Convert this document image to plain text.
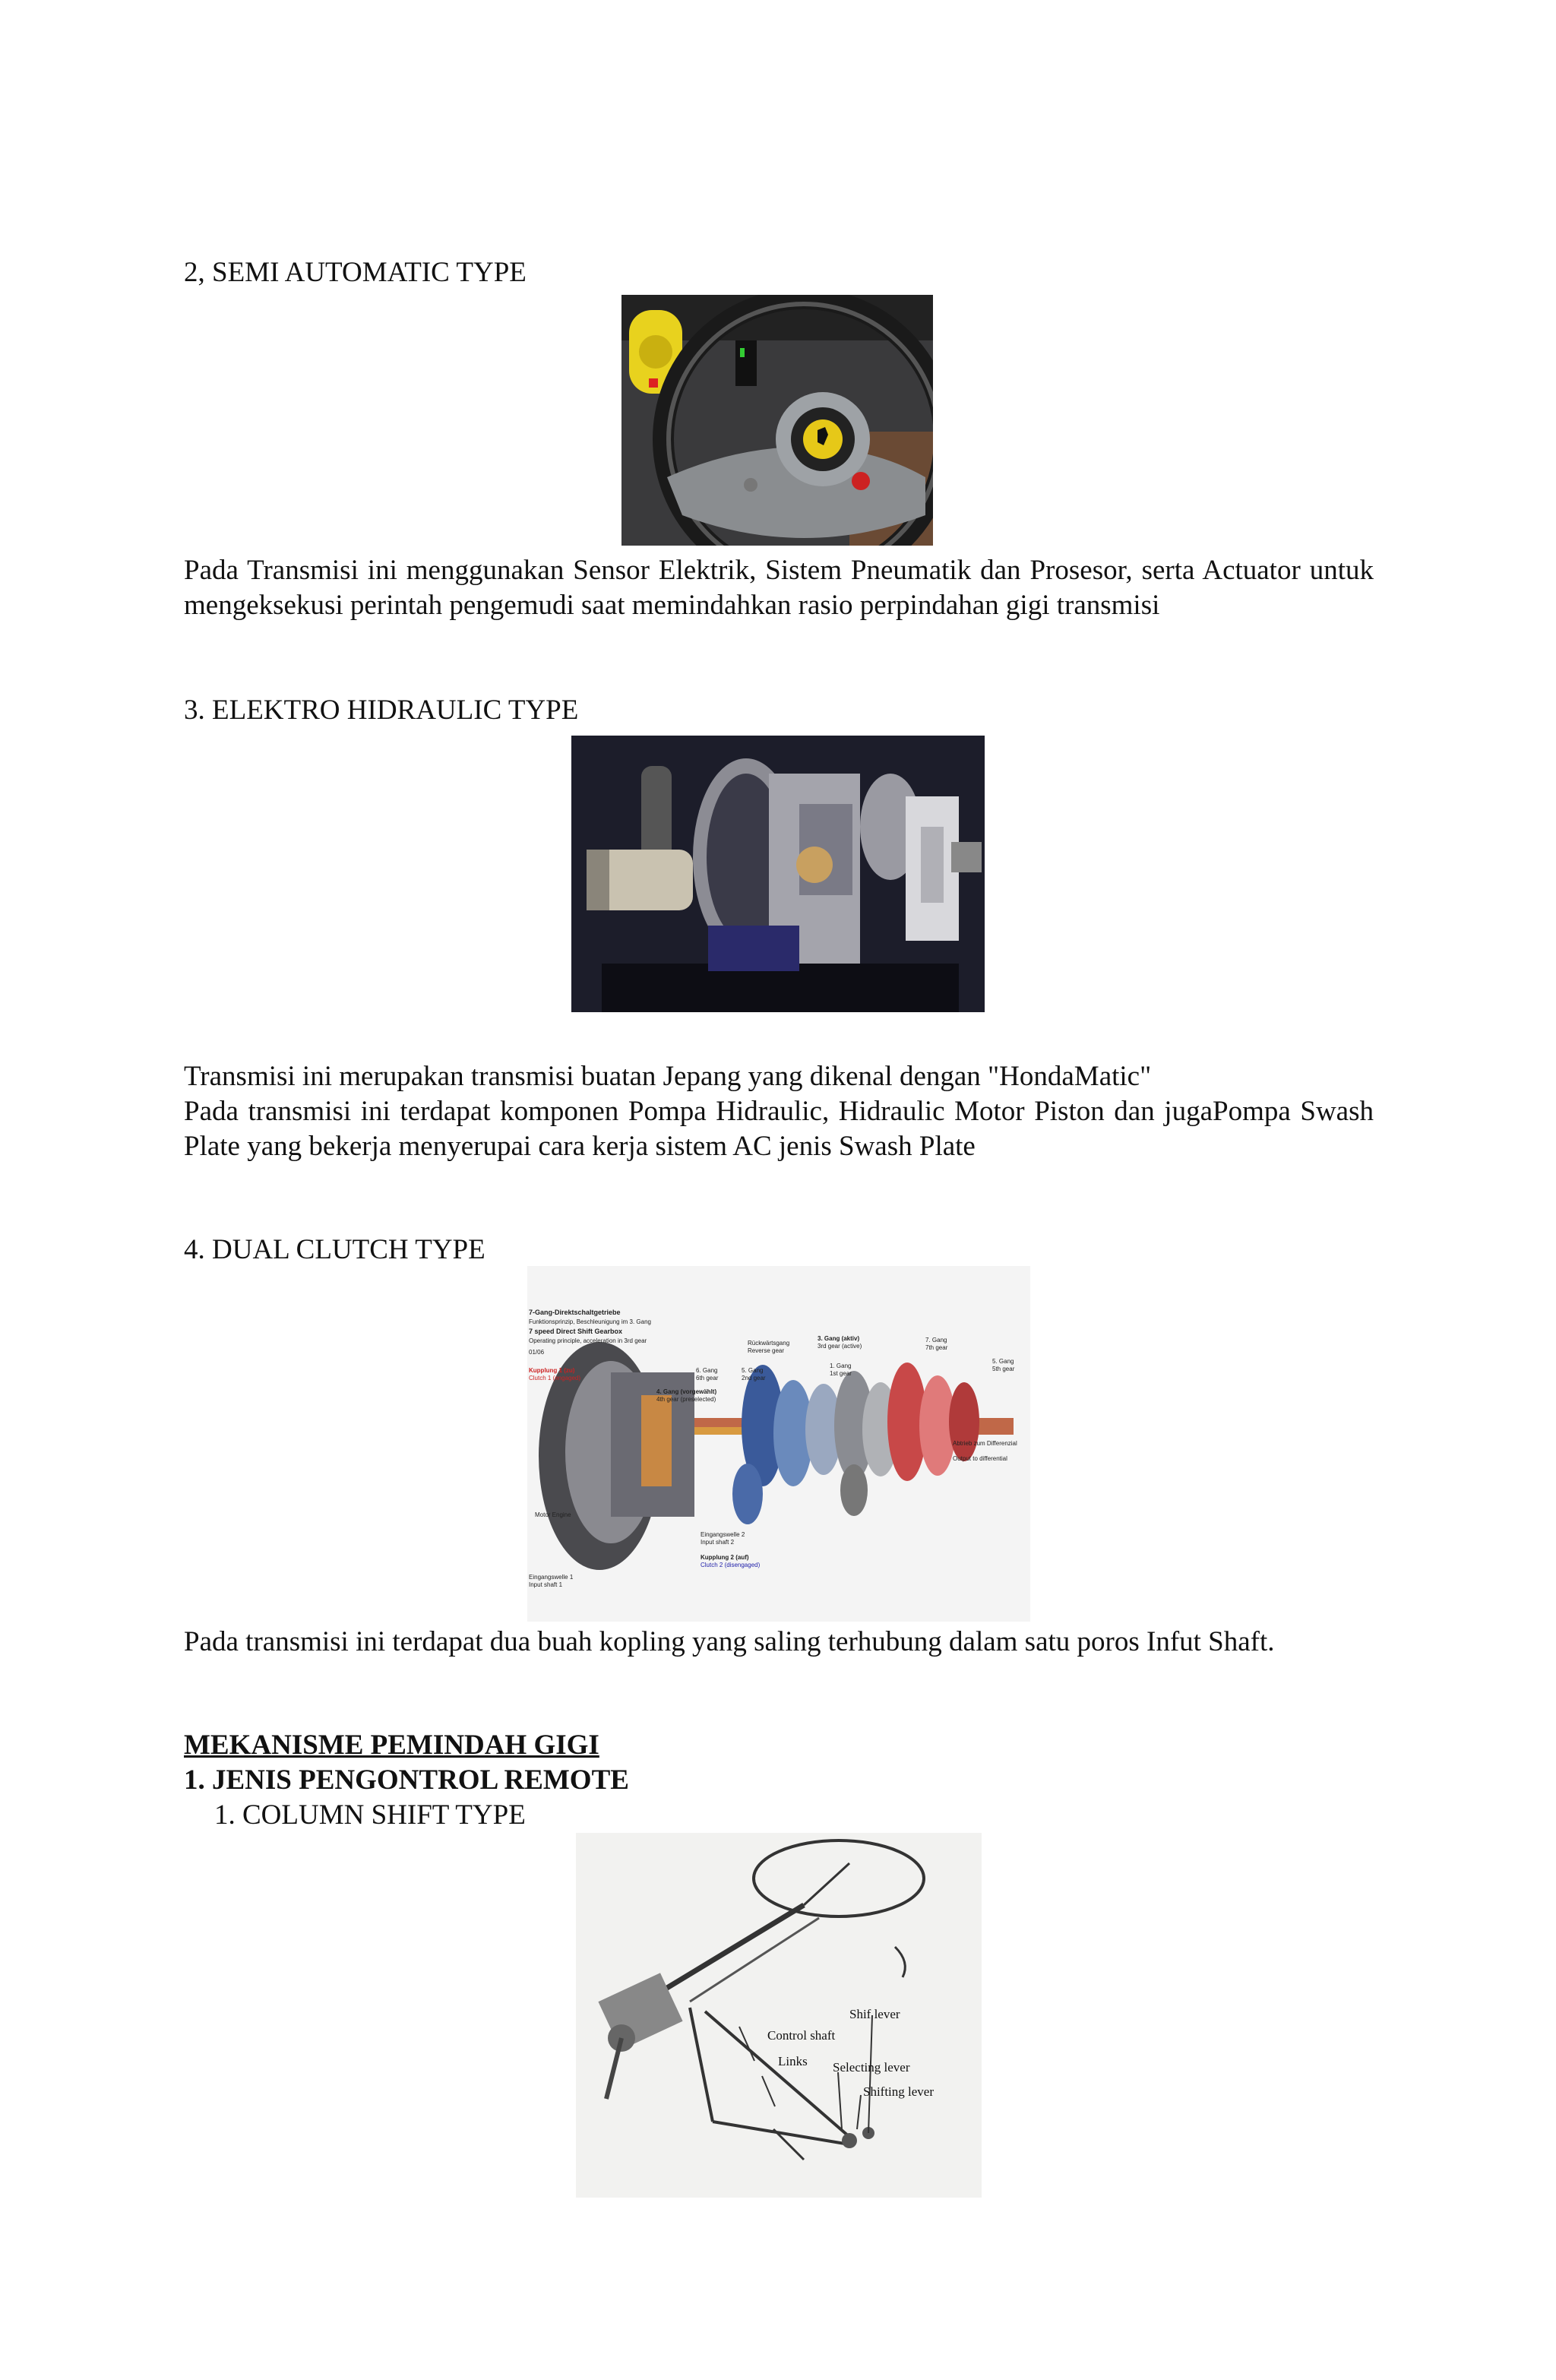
2, SEMI AUTOMATIC TYPE
Pada Transmisi ini menggunakan Sensor Elektrik, Sistem Pneumatik dan Prosesor, serta Actuator untuk mengeksekusi perintah pengemudi saat memindahkan rasio perpindahan gigi transmisi
3. ELEKTRO HIDRAULIC TYPE
Transmisi ini merupakan transmisi buatan Jepang yang dikenal dengan "HondaMatic"
Pada transmisi ini terdapat komponen Pompa Hidraulic, Hidraulic Motor Piston dan jugaPompa Swash Plate yang bekerja menyerupai cara kerja sistem AC jenis Swash Plate
4. DUAL CLUTCH TYPE
7-Gang-Direktschaltgetriebe
Funktionsprinzip, Beschleunigung im 3. Gang
7 speed Direct Shift Gearbox
Operating principle, acceleration in 3rd gear
01/06
Kupplung 1 (zu)
Clutch 1 (engaged)
4. Gang (vorgewählt)
4th gear (preselected)
6. Gang
6th gear
5. Gang
2nd gear
Rückwärtsgang
Reverse gear
3. Gang (aktiv)
3rd gear (active)
1. Gang
1st gear
7. Gang
7th gear
5. Gang
5th gear
Abtrieb zum Differenzial
Output to differential
Motor Engine
Eingangswelle 2
Input shaft 2
Kupplung 2 (auf)
Clutch 2 (disengaged)
Eingangswelle 1
Input shaft 1
Pada transmisi ini terdapat dua buah kopling yang saling terhubung dalam satu poros Infut Shaft.
MEKANISME PEMINDAH GIGI
1. JENIS PENGONTROL REMOTE
1. COLUMN SHIFT TYPE
Shif lever
Control shaft
Links Selecting lever
Shifting lever
